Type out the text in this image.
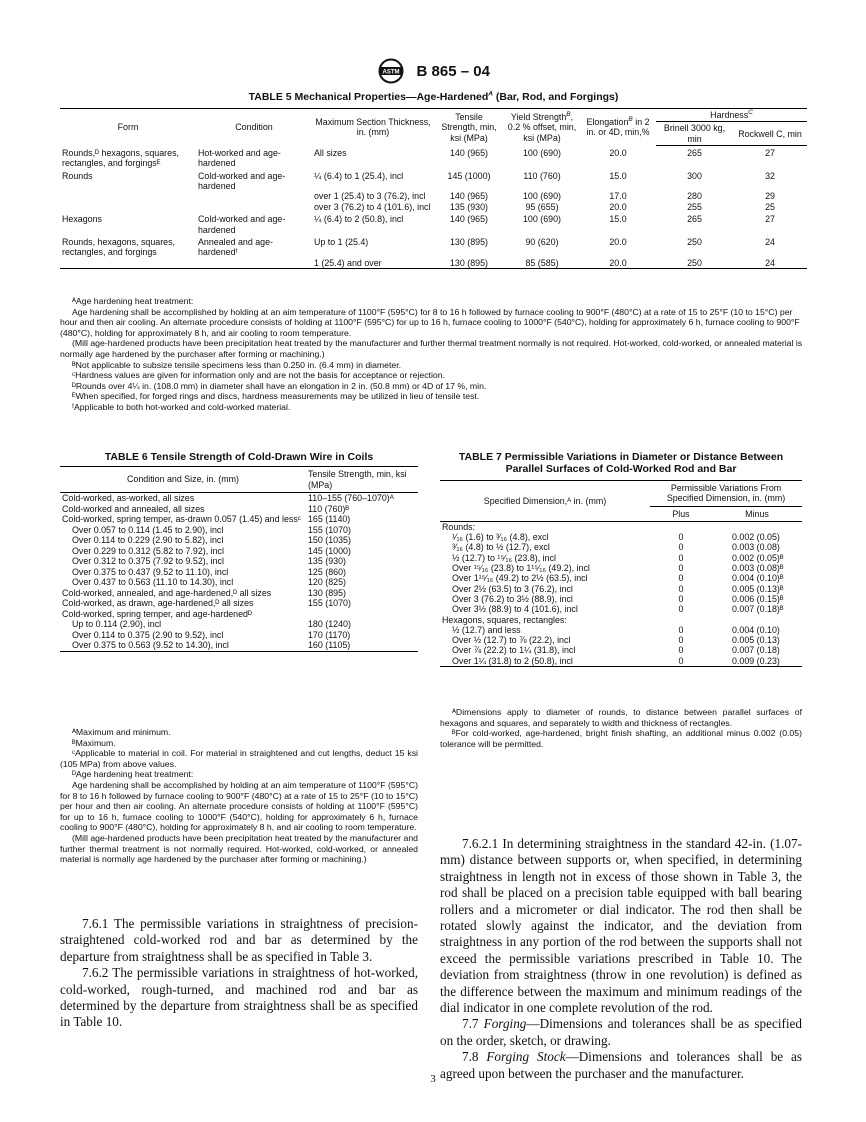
ASTM B 865 – 04
TABLE 5 Mechanical Properties—Age-Hardened$^A$ (Bar, Rod, and Forgings)
Form	Condition	Maximum Section Thickness, in. (mm)	Tensile Strength, min, ksi (MPa)	Yield Strength$^B$, 0.2 % offset, min, ksi (MPa)	Elongation$^B$ in 2 in. or 4D, min,%	Hardness$^C$
						Brinell 3000 kg, min	Rockwell C, min
Rounds,ᴰ hexagons, squares, rectangles, and forgingsᴱ	Hot-worked and age-hardened	All sizes	140 (965)	100 (690)	20.0	265	27
Rounds	Cold-worked and age-hardened	¼ (6.4) to 1 (25.4), incl	145 (1000)	110 (760)	15.0	300	32
		over 1 (25.4) to 3 (76.2), incl	140 (965)	100 (690)	17.0	280	29
		over 3 (76.2) to 4 (101.6), incl	135 (930)	95 (655)	20.0	255	25
Hexagons	Cold-worked and age-hardened	¼ (6.4) to 2 (50.8), incl	140 (965)	100 (690)	15.0	265	27
Rounds, hexagons, squares, rectangles, and forgings	Annealed and age-hardenedᶠ	Up to 1 (25.4)	130 (895)	90 (620)	20.0	250	24
		1 (25.4) and over	130 (895)	85 (585)	20.0	250	24

ᴬAge hardening heat treatment:

Age hardening shall be accomplished by holding at an aim temperature of 1100°F (595°C) for 8 to 16 h followed by furnace cooling to 900°F (480°C) at a rate of 15 to 25°F (10 to 15°C) per hour and then air cooling. An alternate procedure consists of holding at 1100°F (595°C) for up to 16 h, furnace cooling to 1000°F (540°C), holding for approximately 6 h, furnace cooling to 900°F (480°C), holding for approximately 8 h, and air cooling to room temperature.

(Mill age-hardened products have been precipitation heat treated by the manufacturer and further thermal treatment normally is not required. Hot-worked, cold-worked, or annealed material is normally age hardened by the purchaser after forming or machining.)

ᴮNot applicable to subsize tensile specimens less than 0.250 in. (6.4 mm) in diameter.

ᶜHardness values are given for information only and are not the basis for acceptance or rejection.

ᴰRounds over 4¼ in. (108.0 mm) in diameter shall have an elongation in 2 in. (50.8 mm) or 4D of 17 %, min.

ᴱWhen specified, for forged rings and discs, hardness measurements may be utilized in lieu of tensile test.

ᶠApplicable to both hot-worked and cold-worked material.

TABLE 6 Tensile Strength of Cold-Drawn Wire in Coils
Condition and Size, in. (mm)	Tensile Strength, min, ksi (MPa)
Cold-worked, as-worked, all sizes	110–155 (760–1070)ᴬ
Cold-worked and annealed, all sizes	110 (760)ᴮ
Cold-worked, spring temper, as-drawn 0.057 (1.45) and lessᶜ	165 (1140)
Over 0.057 to 0.114 (1.45 to 2.90), incl	155 (1070)
Over 0.114 to 0.229 (2.90 to 5.82), incl	150 (1035)
Over 0.229 to 0.312 (5.82 to 7.92), incl	145 (1000)
Over 0.312 to 0.375 (7.92 to 9.52), incl	135 (930)
Over 0.375 to 0.437 (9.52 to 11.10), incl	125 (860)
Over 0.437 to 0.563 (11.10 to 14.30), incl	120 (825)
Cold-worked, annealed, and age-hardened,ᴰ all sizes	130 (895)
Cold-worked, as drawn, age-hardened,ᴰ all sizes	155 (1070)
Cold-worked, spring temper, and age-hardenedᴰ	
Up to 0.114 (2.90), incl	180 (1240)
Over 0.114 to 0.375 (2.90 to 9.52), incl	170 (1170)
Over 0.375 to 0.563 (9.52 to 14.30), incl	160 (1105)

ᴬMaximum and minimum.

ᴮMaximum.

ᶜApplicable to material in coil. For material in straightened and cut lengths, deduct 15 ksi (105 MPa) from above values.

ᴰAge hardening heat treatment:

Age hardening shall be accomplished by holding at an aim temperature of 1100°F (595°C) for 8 to 16 h followed by furnace cooling to 900°F (480°C) at a rate of 15 to 25°F (10 to 15°C) per hour and then air cooling. An alternate procedure consists of holding at 1100°F (595°C) for up to 16 h, furnace cooling to 1000°F (540°C), holding for approximately 6 h, furnace cooling to 900°F (480°C), holding for approximately 8 h, and air cooling to room temperature.

(Mill age-hardened products have been precipitation heat treated by the manufacturer and further thermal treatment is not normally required. Hot-worked, cold-worked, or annealed material is normally age hardened by the purchaser after forming or machining.)

TABLE 7 Permissible Variations in Diameter or Distance Between Parallel Surfaces of Cold-Worked Rod and Bar
Specified Dimension,ᴬ in. (mm)	Permissible Variations From Specified Dimension, in. (mm)	
	Plus	Minus
Rounds:		
¹⁄₁₆ (1.6) to ³⁄₁₆ (4.8), excl	0	0.002 (0.05)
³⁄₁₆ (4.8) to ½ (12.7), excl	0	0.003 (0.08)
½ (12.7) to ¹⁵⁄₁₆ (23.8), incl	0	0.002 (0.05)ᴮ
Over ¹⁵⁄₁₆ (23.8) to 1¹⁵⁄₁₆ (49.2), incl	0	0.003 (0.08)ᴮ
Over 1¹⁵⁄₁₆ (49.2) to 2½ (63.5), incl	0	0.004 (0.10)ᴮ
Over 2½ (63.5) to 3 (76.2), incl	0	0.005 (0.13)ᴮ
Over 3 (76.2) to 3½ (88.9), incl	0	0.006 (0.15)ᴮ
Over 3½ (88.9) to 4 (101.6), incl	0	0.007 (0.18)ᴮ
Hexagons, squares, rectangles:		
½ (12.7) and less	0	0.004 (0.10)
Over ½ (12.7) to ⅞ (22.2), incl	0	0.005 (0.13)
Over ⅞ (22.2) to 1¼ (31.8), incl	0	0.007 (0.18)
Over 1¼ (31.8) to 2 (50.8), incl	0	0.009 (0.23)

ᴬDimensions apply to diameter of rounds, to distance between parallel surfaces of hexagons and squares, and separately to width and thickness of rectangles.

ᴮFor cold-worked, age-hardened, bright finish shafting, an additional minus 0.002 (0.05) tolerance will be permitted.

7.6.1 The permissible variations in straightness of precision-straightened cold-worked rod and bar as determined by the departure from straightness shall be as specified in Table 3.

7.6.2 The permissible variations in straightness of hot-worked, cold-worked, rough-turned, and machined rod and bar as determined by the departure from straightness shall be as specified in Table 10.

7.6.2.1 In determining straightness in the standard 42-in. (1.07-mm) distance between supports or, when specified, in determining straightness in length not in excess of those shown in Table 3, the rod shall be placed on a precision table equipped with ball bearing rollers and a micrometer or dial indicator. The rod then shall be rotated slowly against the indicator, and the deviation from straightness in any portion of the rod between the supports shall not exceed the permissible variations prescribed in Table 10. The deviation from straightness (throw in one revolution) is defined as the difference between the maximum and minimum readings of the dial indicator in one complete revolution of the rod.

7.7 Forging—Dimensions and tolerances shall be as specified on the order, sketch, or drawing.

7.8 Forging Stock—Dimensions and tolerances shall be as agreed upon between the purchaser and the manufacturer.

3
